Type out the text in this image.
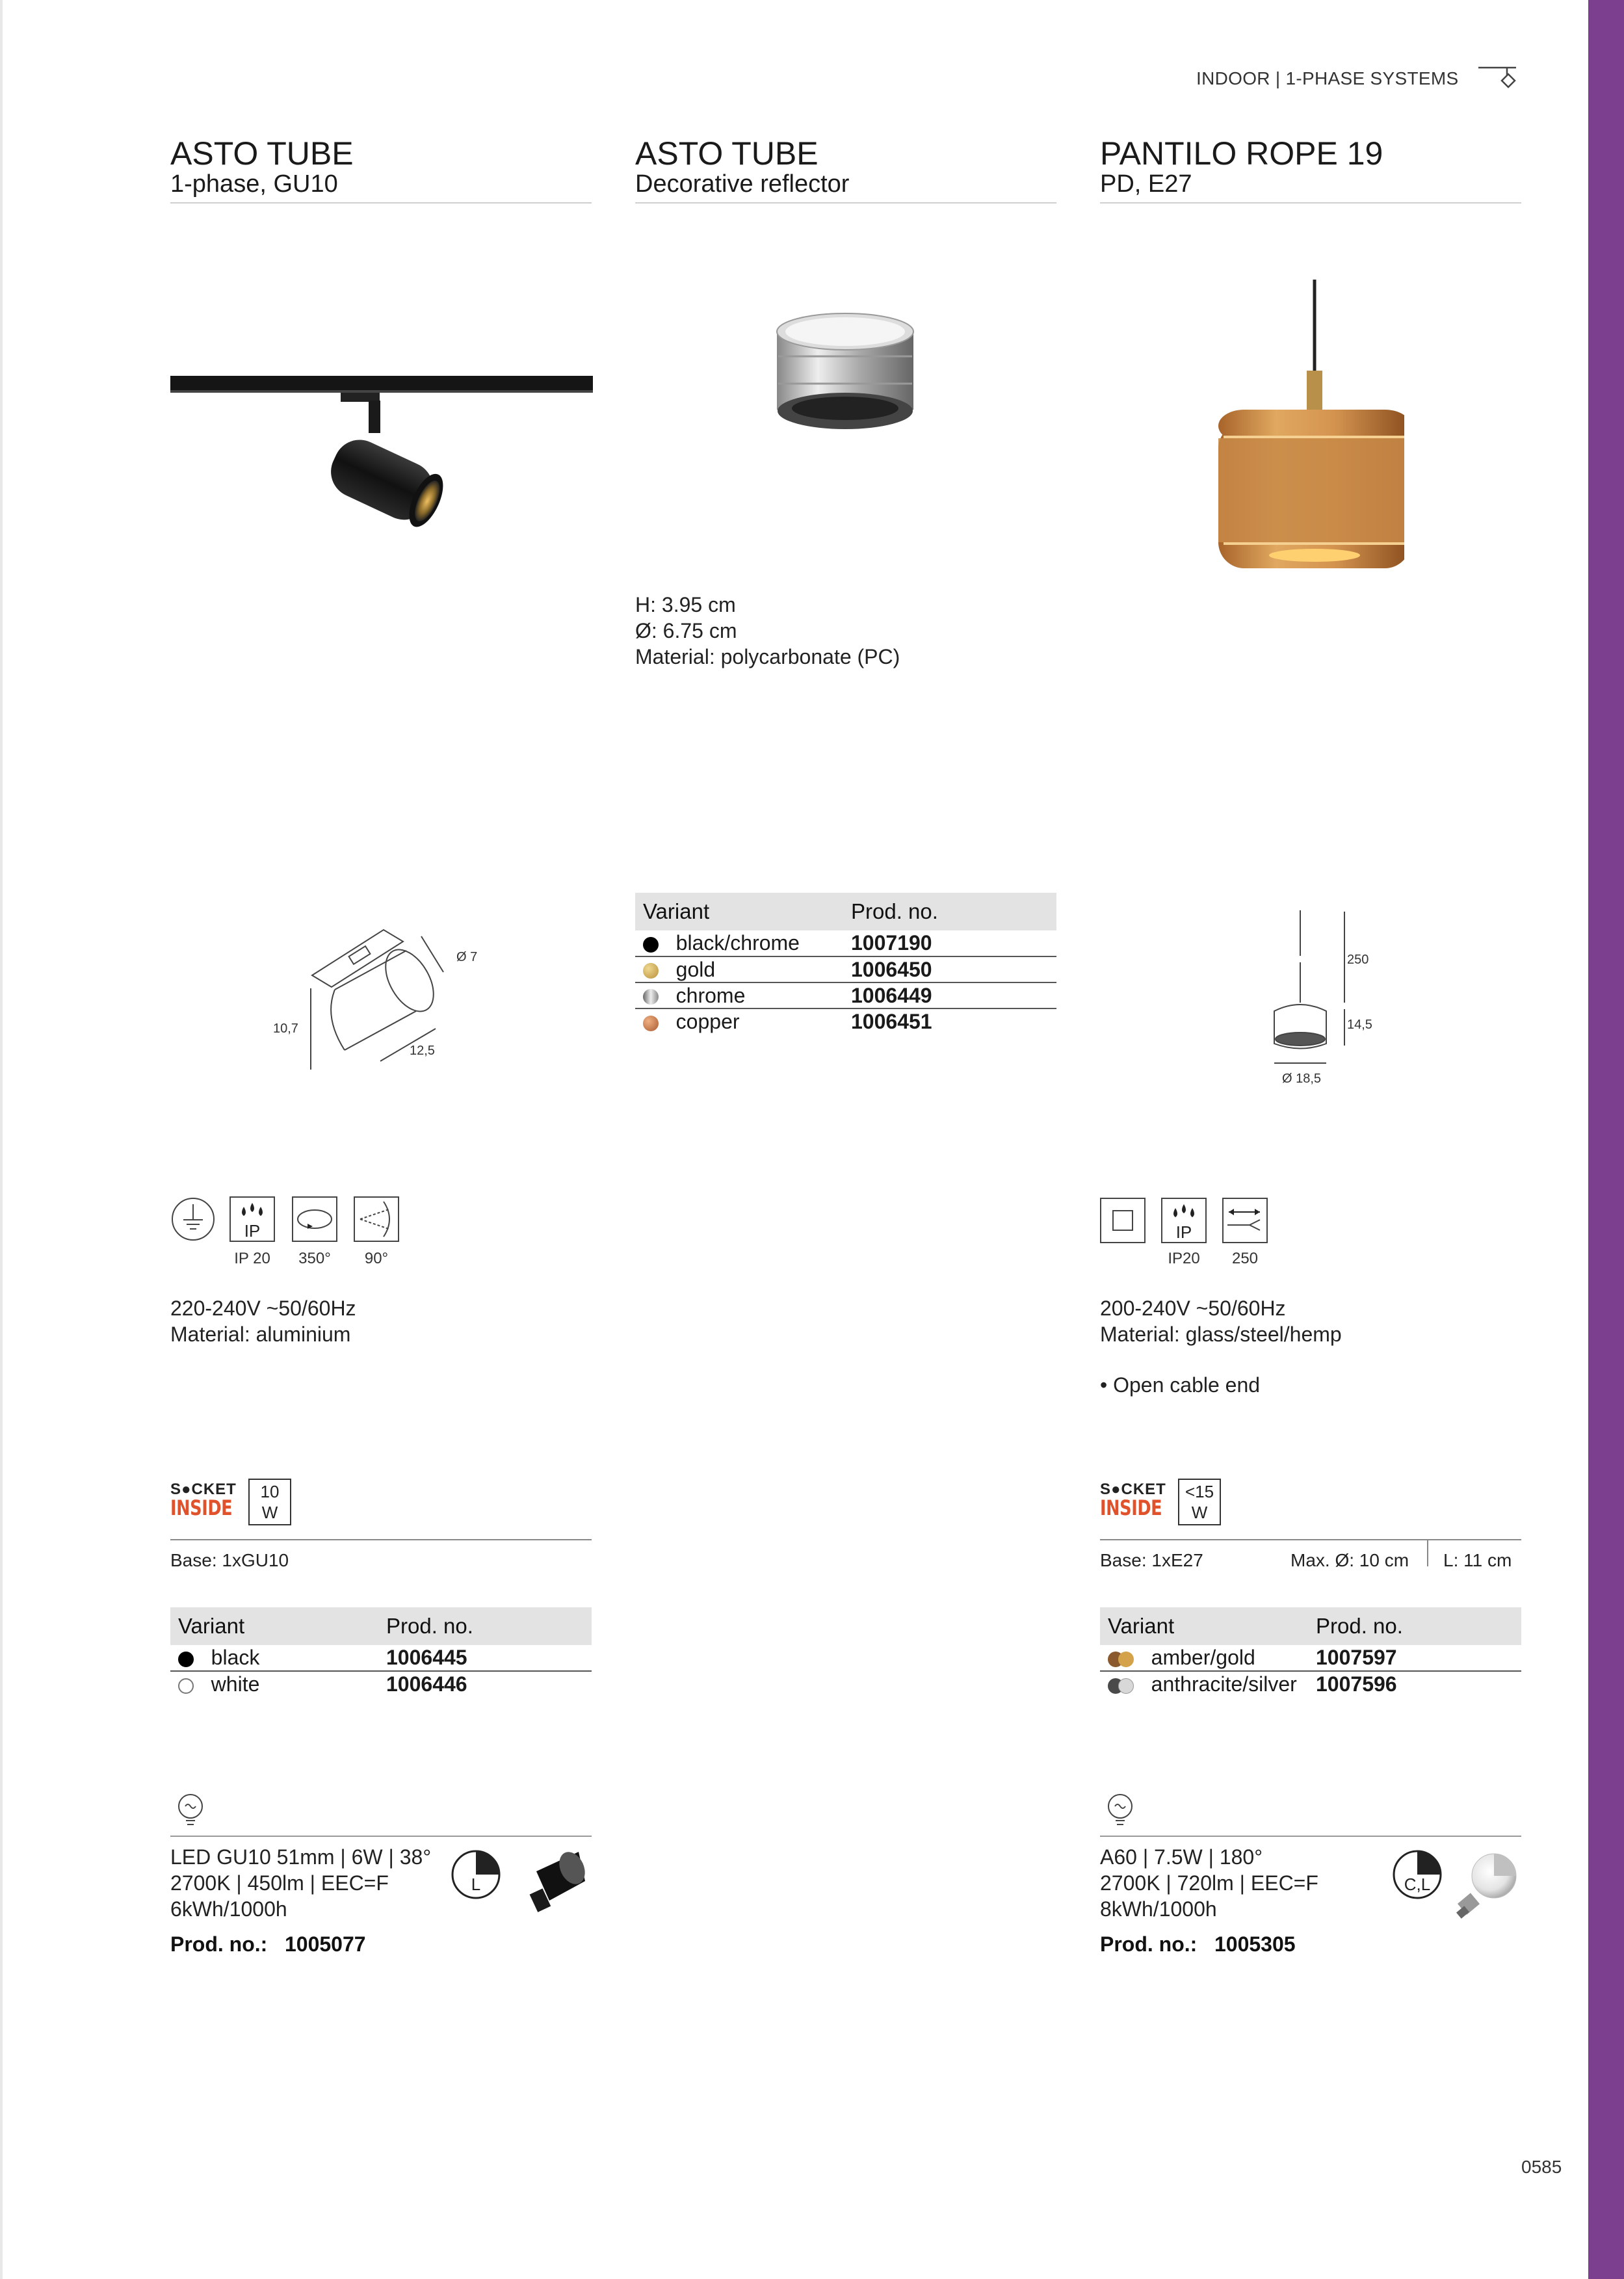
INDOOR | 1-PHASE SYSTEMS
ASTO TUBE
1-phase, GU10
10,7
12,5
Ø 7
IP
IP 20	350°	90°
220-240V ~50/60Hz
Material: aluminium
S●CKET
INSIDE
10
W
Base: 1xGU10
Variant	Prod. no.
black	1006445
white	1006446
LED GU10 51mm | 6W | 38°
2700K | 450lm | EEC=F
6kWh/1000h
Prod. no.: 1005077
L
ASTO TUBE
Decorative reflector
H: 3.95 cm
Ø: 6.75 cm
Material: polycarbonate (PC)
Variant	Prod. no.
black/chrome	1007190
gold	1006450
chrome	1006449
copper	1006451
PANTILO ROPE 19
PD, E27
250
14,5
Ø 18,5
IP
IP20	250
200-240V ~50/60Hz
Material: glass/steel/hemp
• Open cable end
S●CKET
INSIDE
<15
W
Base: 1xE27	Max. Ø: 10 cm L: 11 cm
Variant	Prod. no.
amber/gold	1007597
anthracite/silver	1007596
A60 | 7.5W | 180°
2700K | 720lm | EEC=F
8kWh/1000h
Prod. no.: 1005305
C,L
0585
